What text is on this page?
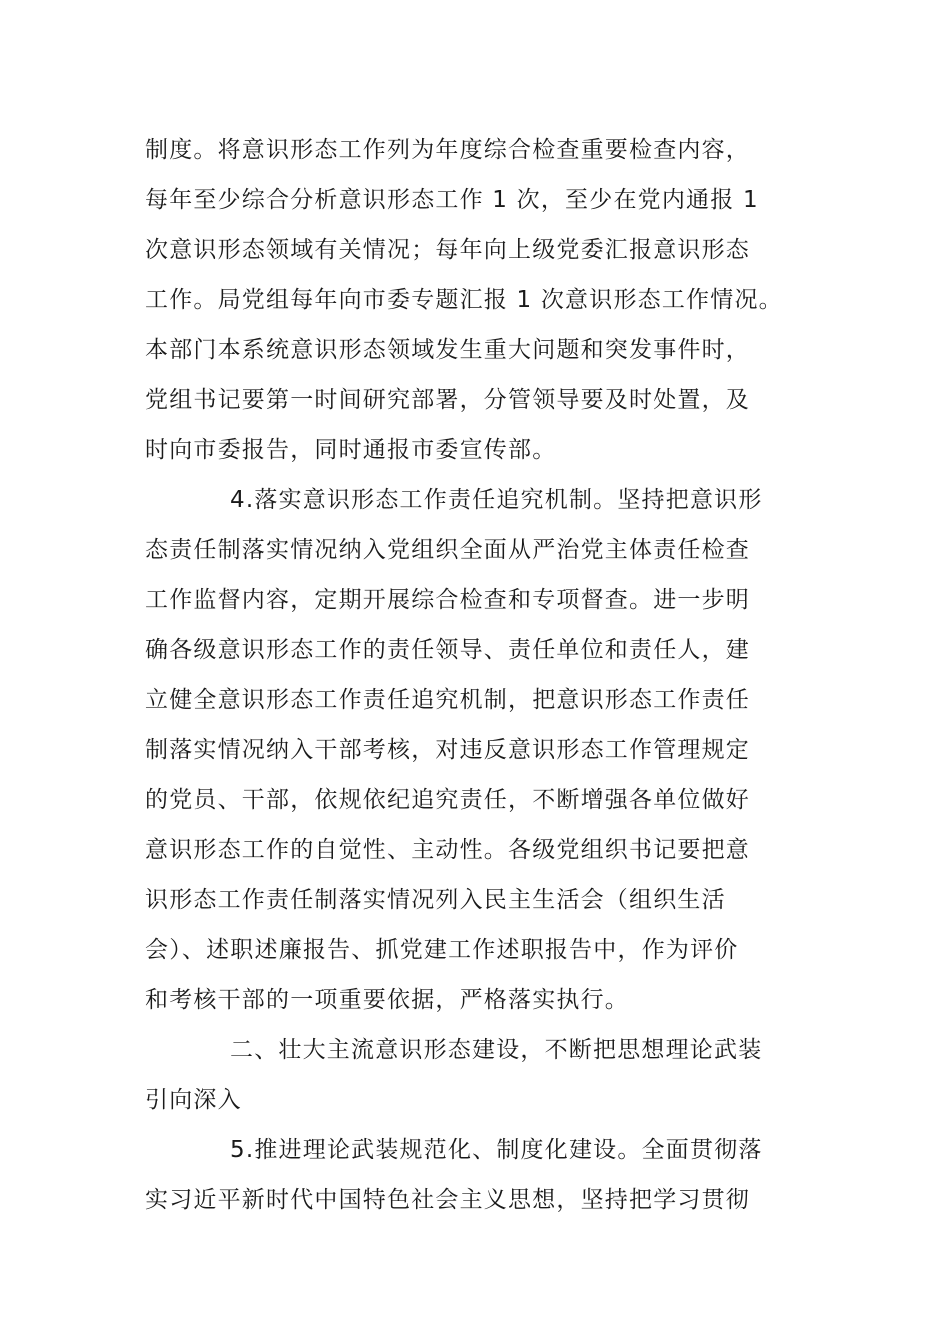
制度。将意识形态工作列为年度综合检查重要检查内容，
每年至少综合分析意识形态工作 1 次，至少在党内通报 1
次意识形态领域有关情况；每年向上级党委汇报意识形态
工作。局党组每年向市委专题汇报 1 次意识形态工作情况。
本部门本系统意识形态领域发生重大问题和突发事件时，
党组书记要第一时间研究部署，分管领导要及时处置，及
时向市委报告，同时通报市委宣传部。
4.落实意识形态工作责任追究机制。坚持把意识形
态责任制落实情况纳入党组织全面从严治党主体责任检查
工作监督内容，定期开展综合检查和专项督查。进一步明
确各级意识形态工作的责任领导、责任单位和责任人，建
立健全意识形态工作责任追究机制，把意识形态工作责任
制落实情况纳入干部考核，对违反意识形态工作管理规定
的党员、干部，依规依纪追究责任，不断增强各单位做好
意识形态工作的自觉性、主动性。各级党组织书记要把意
识形态工作责任制落实情况列入民主生活会（组织生活
会）、述职述廉报告、抓党建工作述职报告中，作为评价
和考核干部的一项重要依据，严格落实执行。
二、壮大主流意识形态建设，不断把思想理论武装
引向深入
5.推进理论武装规范化、制度化建设。全面贯彻落
实习近平新时代中国特色社会主义思想，坚持把学习贯彻
